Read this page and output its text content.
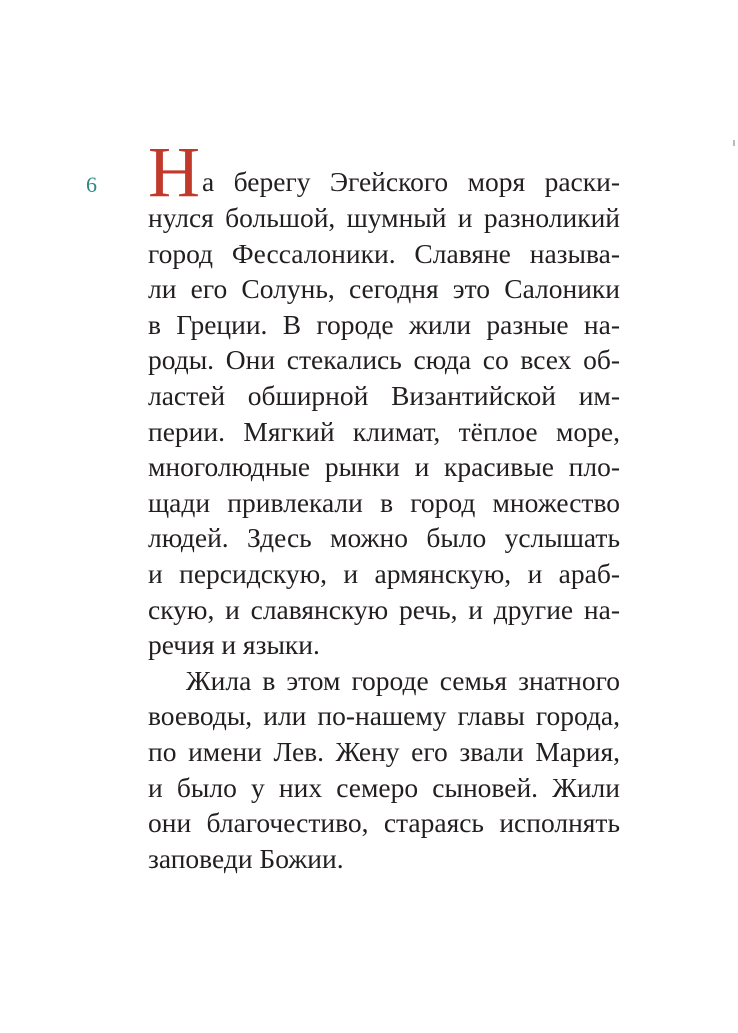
6 Н а берегу Эгейского моря раски-
нулся большой, шумный и разноликий
город Фессалоники. Славяне называ-
ли его Солунь, сегодня это Салоники
в Греции. В городе жили разные на-
роды. Они стекались сюда со всех об-
ластей обширной Византийской им-
перии. Мягкий климат, тёплое море,
многолюдные рынки и красивые пло-
щади привлекали в город множество
людей. Здесь можно было услышать
и персидскую, и армянскую, и араб-
скую, и славянскую речь, и другие на-
речия и языки.
Жила в этом городе семья знатного
воеводы, или по-нашему главы города,
по имени Лев. Жену его звали Мария,
и было у них семеро сыновей. Жили
они благочестиво, стараясь исполнять
заповеди Божии.
